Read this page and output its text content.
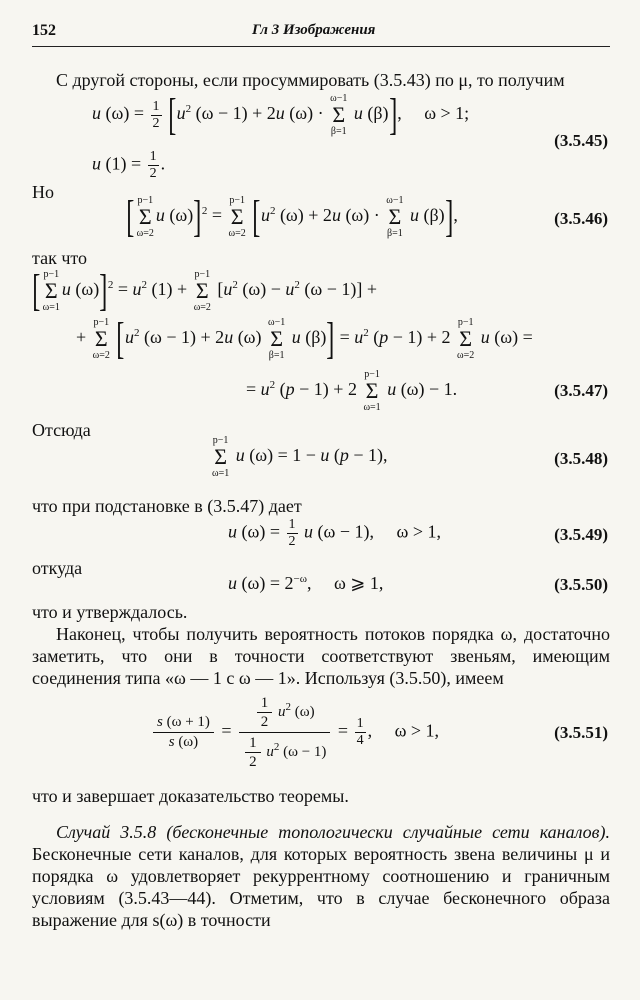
152	Гл 3 Изображения

С другой стороны, если просуммировать (3.5.43) по μ, то получим

u $(\omega) = \frac{1}{2} [u^2$ (ω − 1) + 2u (ω) ·
ω−1
Σ
β=1
u (β)],     ω > 1;
u $(1) = \frac{1}{2}$ .
(3.5.45)
Но	[ p−1
Σ
ω=2
u (ω)]$^2$ =
p−1
Σ
ω=2 [$u^2$ (ω) + 2u (ω) ·
ω−1
Σ
β=1
u (β)],	(3.5.46)
так что
[ p−1
Σ
ω=1
u $(\omega)]^2 = u^2$ (1) +
p−1
Σ
ω=2
[$u^2$ $(\omega) - u^2$ (ω − 1)] +
+
p−1
Σ
ω=2 [$u^2$ (ω − 1) + 2u (ω)
ω−1
Σ
β=1
u $(\beta)] = u^2$ (p − 1) + 2
p−1
Σ
ω=2
u (ω) =
= $u^2$ (p − 1) + 2
p−1
Σ
ω=1
u (ω) − 1.	(3.5.47)
Отсюда
p−1
Σ
ω=1
u (ω) = 1 − u (p − 1),	(3.5.48)
что при подстановке в (3.5.47) дает
u $(\omega) = \frac{1}{2}$ u (ω − 1),     ω > 1,	(3.5.49)
откуда
u $(\omega) = 2^{-\omega}$,     ω ⩾ 1,	(3.5.50)

что и утверждалось.

Наконец, чтобы получить вероятность потоков порядка ω, достаточно заметить, что они в точности соответствуют звеньям, имеющим соединения типа «ω — 1 с ω — 1». Используя (3.5.50), имеем

$\frac{s (\omega + 1)}{s (\omega)} = \frac{\frac{1}{2} u^2 (\omega)}{\frac{1}{2} u^2 (\omega - 1)} = \frac{1}{4}$ ,     ω > 1,	(3.5.51)

что и завершает доказательство теоремы.

Случай 3.5.8 (бесконечные топологически случайные сети каналов). Бесконечные сети каналов, для которых вероятность звена величины μ и порядка ω удовлетворяет рекуррентному соотношению и граничным условиям (3.5.43—44). Отметим, что в случае бесконечного образа выражение для s(ω) в точности
